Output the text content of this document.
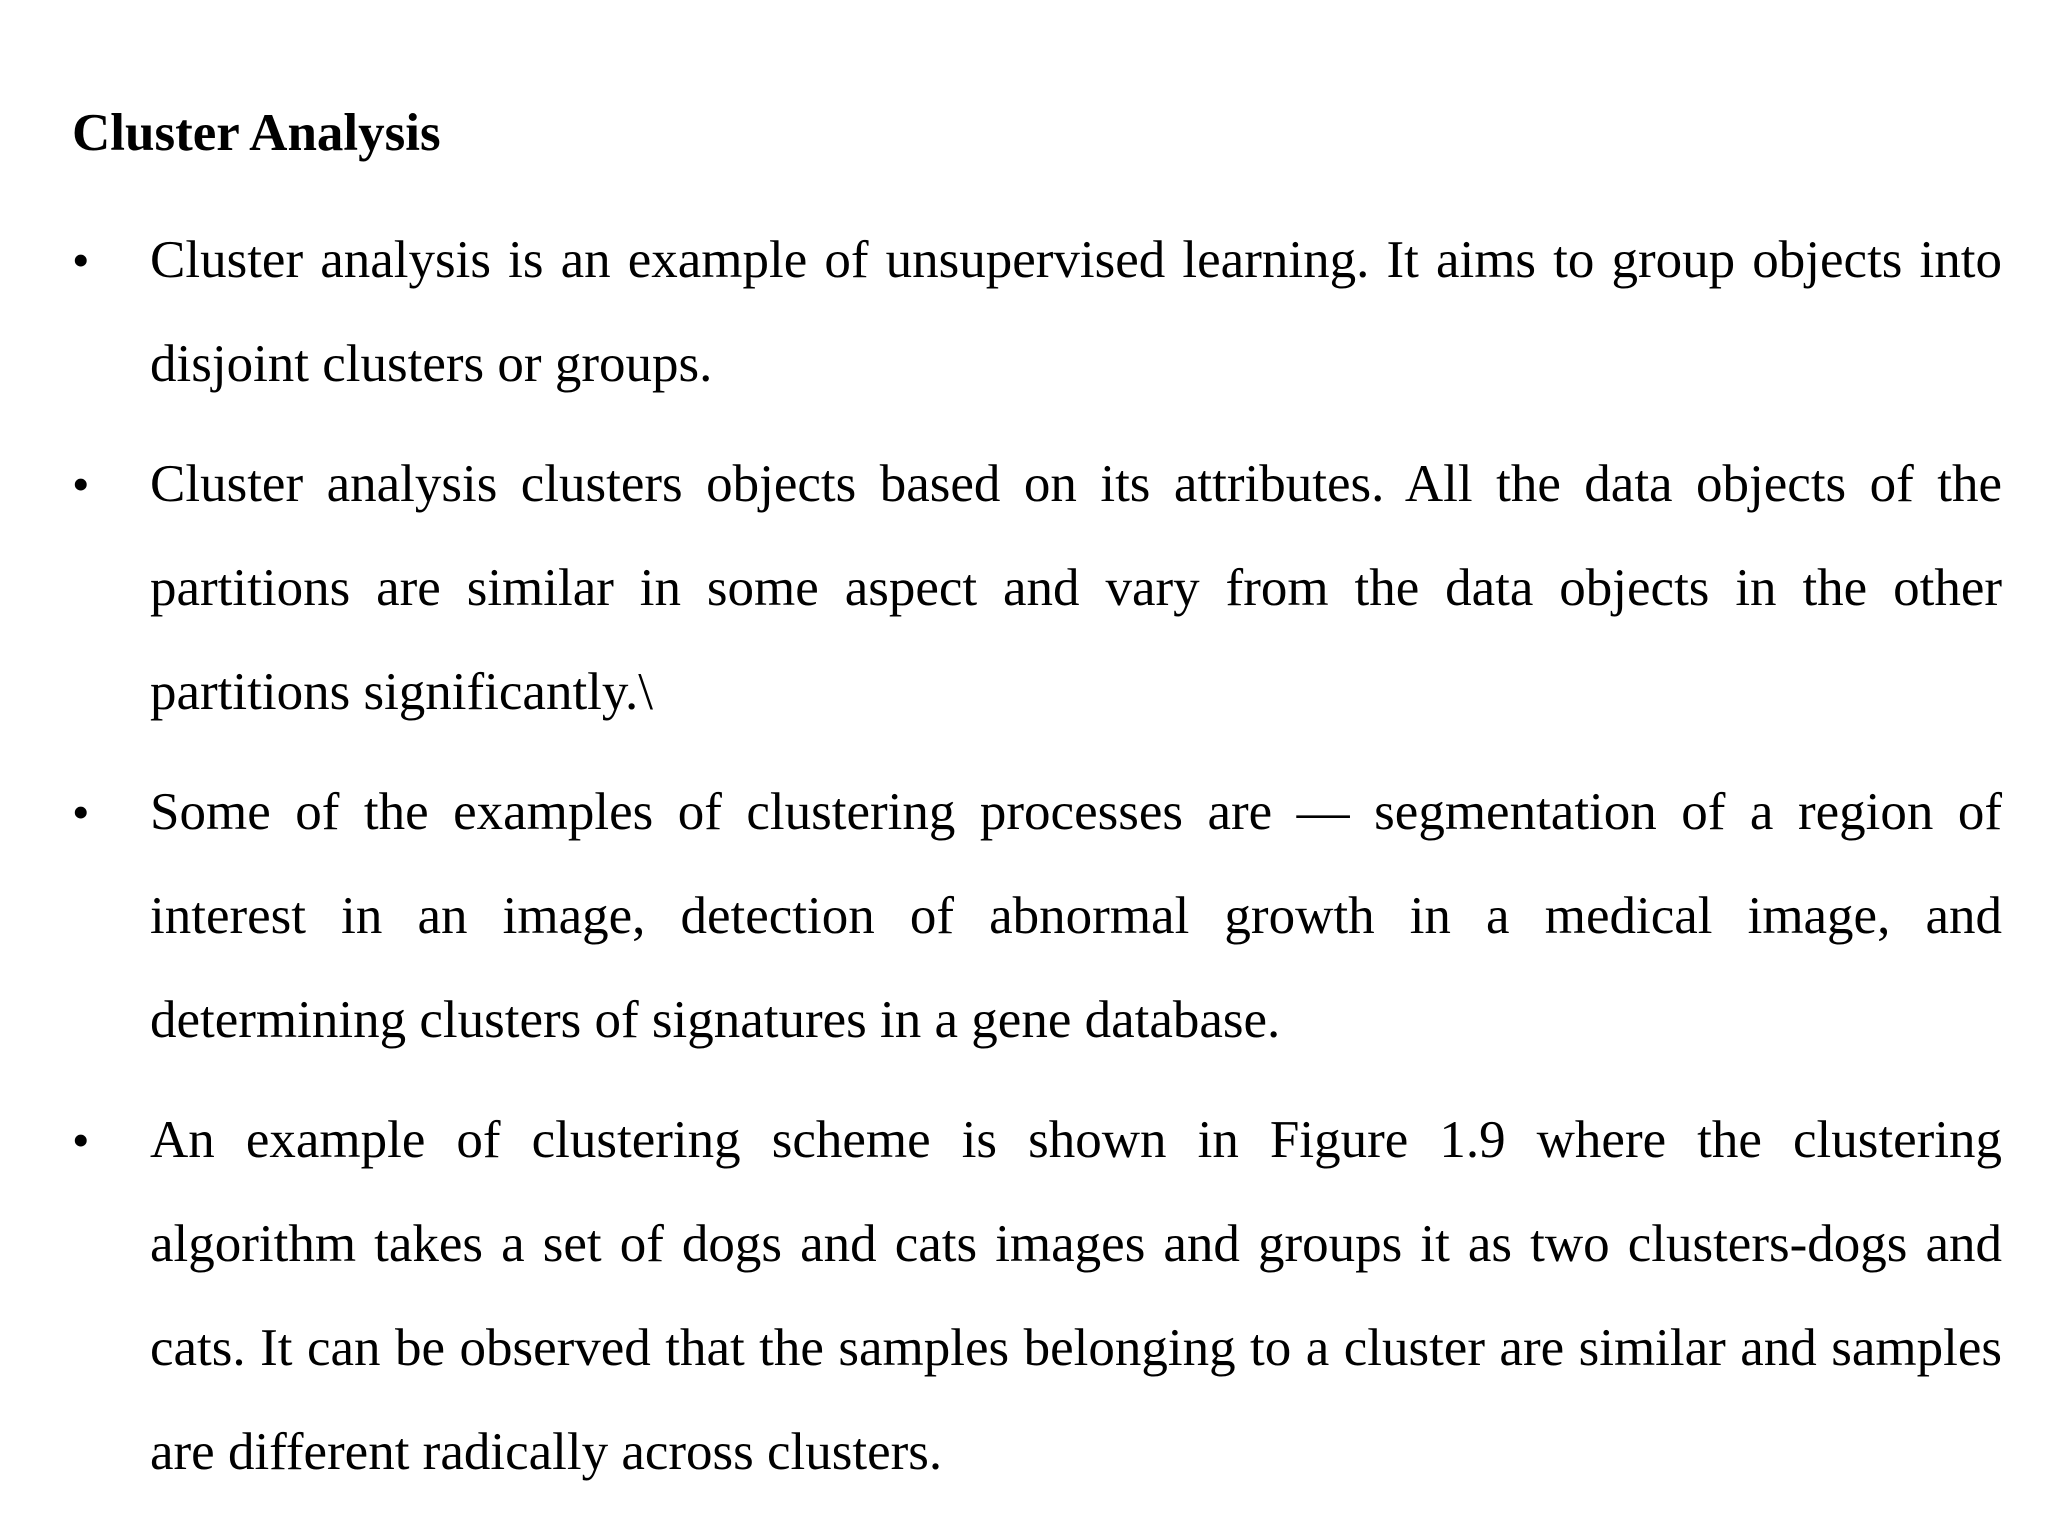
Cluster Analysis
• Cluster analysis is an example of unsupervised learning. It aims to group objects into disjoint clusters or groups.
• Cluster analysis clusters objects based on its attributes. All the data objects of the partitions are similar in some aspect and vary from the data objects in the other partitions significantly.\
• Some of the examples of clustering processes are — segmentation of a region of interest in an image, detection of abnormal growth in a medical image, and determining clusters of signatures in a gene database.
• An example of clustering scheme is shown in Figure 1.9 where the clustering algorithm takes a set of dogs and cats images and groups it as two clusters-dogs and cats. It can be observed that the samples belonging to a cluster are similar and samples are different radically across clusters.
